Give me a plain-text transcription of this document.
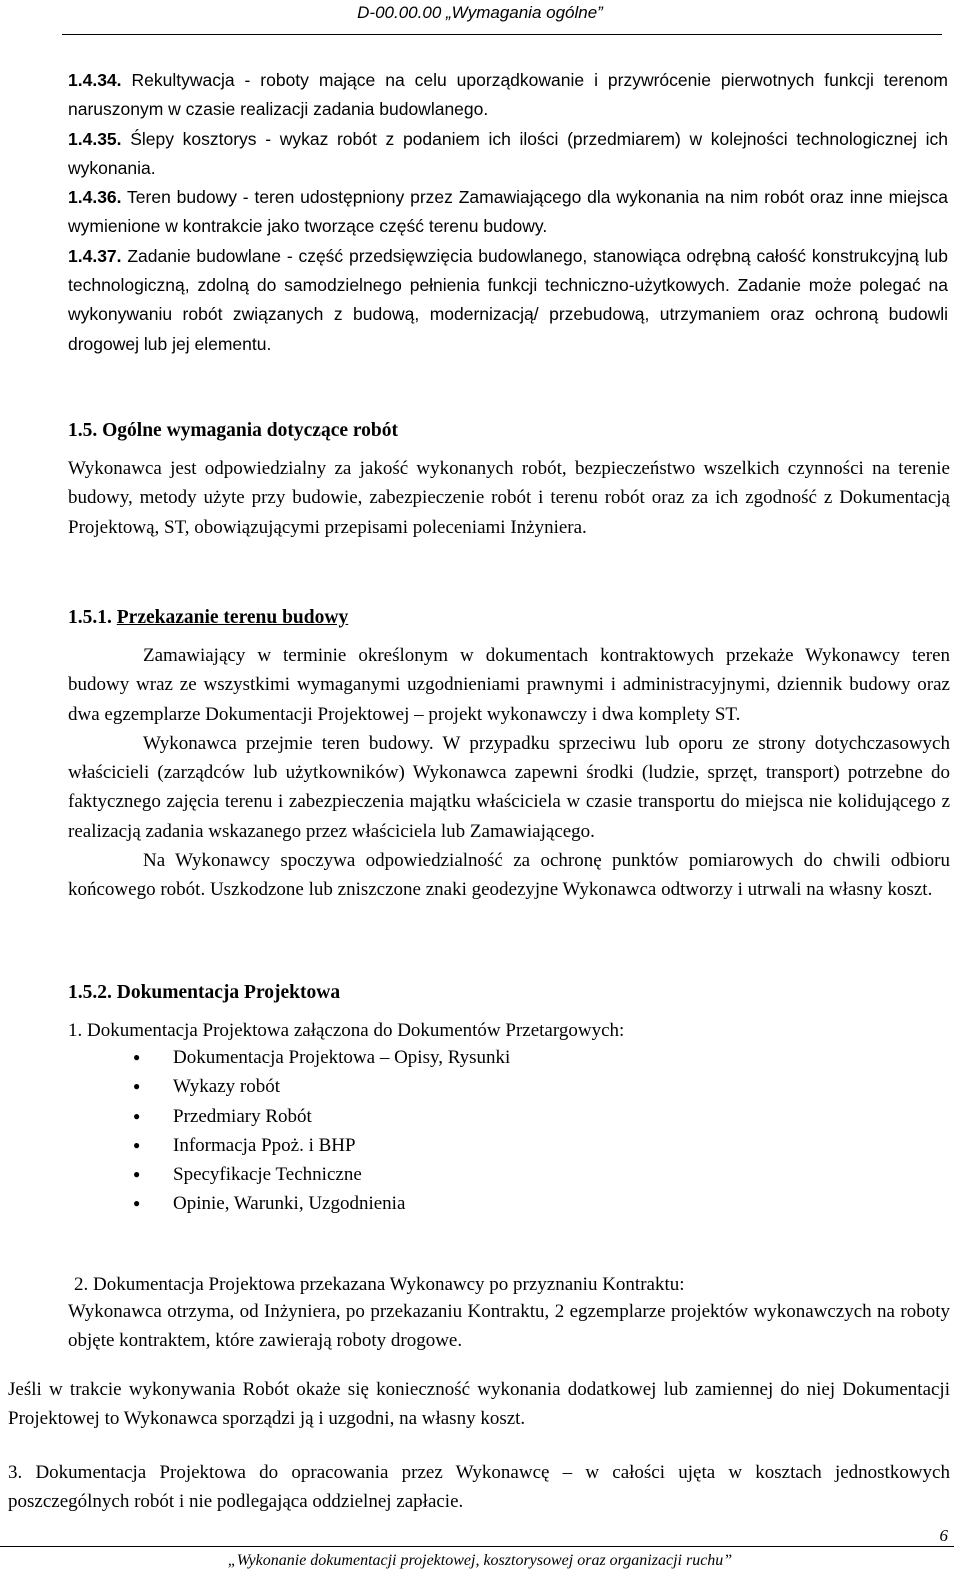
D-00.00.00 „Wymagania ogólne”

1.4.34. Rekultywacja - roboty mające na celu uporządkowanie i przywrócenie pierwotnych funkcji terenom naruszonym w czasie realizacji zadania budowlanego.

1.4.35. Ślepy kosztorys - wykaz robót z podaniem ich ilości (przedmiarem) w kolejności technologicznej ich wykonania.

1.4.36. Teren budowy - teren udostępniony przez Zamawiającego dla wykonania na nim robót oraz inne miejsca wymienione w kontrakcie jako tworzące część terenu budowy.

1.4.37. Zadanie budowlane - część przedsięwzięcia budowlanego, stanowiąca odrębną całość konstrukcyjną lub technologiczną, zdolną do samodzielnego pełnienia funkcji techniczno-użytkowych. Zadanie może polegać na wykonywaniu robót związanych z budową, modernizacją/ przebudową, utrzymaniem oraz ochroną budowli drogowej lub jej elementu.

1.5. Ogólne wymagania dotyczące robót

Wykonawca jest odpowiedzialny za jakość wykonanych robót, bezpieczeństwo wszelkich czynności na terenie budowy, metody użyte przy budowie, zabezpieczenie robót i terenu robót oraz za ich zgodność z Dokumentacją Projektową, ST, obowiązującymi przepisami poleceniami Inżyniera.

1.5.1. Przekazanie terenu budowy

Zamawiający w terminie określonym w dokumentach kontraktowych przekaże Wykonawcy teren budowy wraz ze wszystkimi wymaganymi uzgodnieniami prawnymi i administracyjnymi, dziennik budowy oraz dwa egzemplarze Dokumentacji Projektowej – projekt wykonawczy i dwa komplety ST.

Wykonawca przejmie teren budowy. W przypadku sprzeciwu lub oporu ze strony dotychczasowych właścicieli (zarządców lub użytkowników) Wykonawca zapewni środki (ludzie, sprzęt, transport) potrzebne do faktycznego zajęcia terenu i zabezpieczenia majątku właściciela w czasie transportu do miejsca nie kolidującego z realizacją zadania wskazanego przez właściciela lub Zamawiającego.

Na Wykonawcy spoczywa odpowiedzialność za ochronę punktów pomiarowych do chwili odbioru końcowego robót. Uszkodzone lub zniszczone znaki geodezyjne Wykonawca odtworzy i utrwali na własny koszt.

1.5.2. Dokumentacja Projektowa

1. Dokumentacja Projektowa załączona do Dokumentów Przetargowych:

● Dokumentacja Projektowa – Opisy, Rysunki
● Wykazy robót
● Przedmiary Robót
● Informacja Ppoż. i BHP
● Specyfikacje Techniczne
● Opinie, Warunki, Uzgodnienia

2. Dokumentacja Projektowa przekazana Wykonawcy po przyznaniu Kontraktu:

Wykonawca otrzyma, od Inżyniera, po przekazaniu Kontraktu, 2 egzemplarze projektów wykonawczych na roboty objęte kontraktem, które zawierają roboty drogowe.

Jeśli w trakcie wykonywania Robót okaże się konieczność wykonania dodatkowej lub zamiennej do niej Dokumentacji Projektowej to Wykonawca sporządzi ją i uzgodni, na własny koszt.

3. Dokumentacja Projektowa do opracowania przez Wykonawcę – w całości ujęta w kosztach jednostkowych poszczególnych robót i nie podlegająca oddzielnej zapłacie.

6
„Wykonanie dokumentacji projektowej, kosztorysowej oraz organizacji ruchu”
